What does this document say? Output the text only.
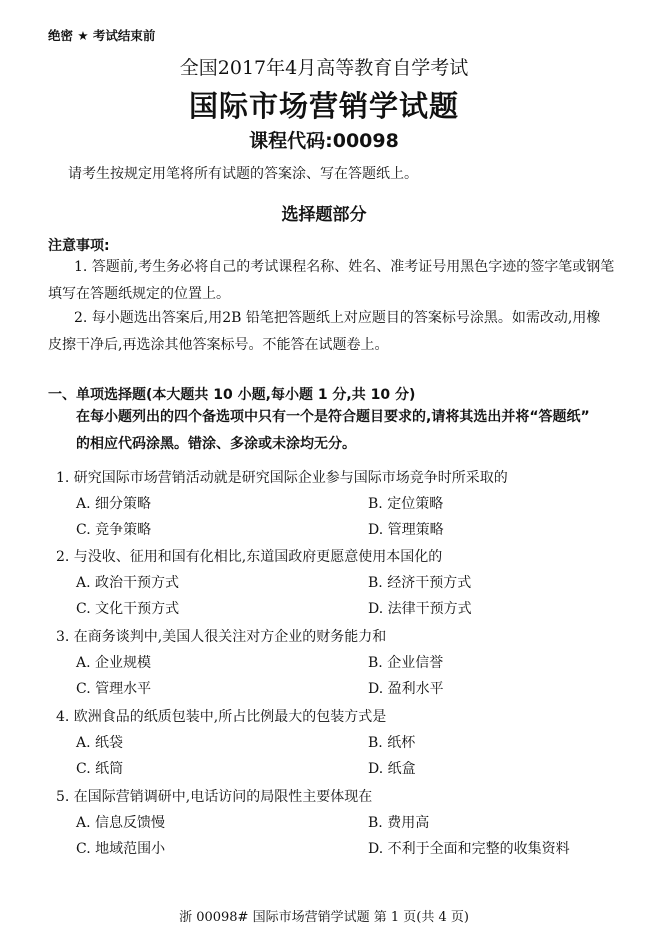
绝密 ★ 考试结束前
全国2017年4月高等教育自学考试
国际市场营销学试题
课程代码:00098
请考生按规定用笔将所有试题的答案涂、写在答题纸上。
选择题部分
注意事项:
1. 答题前,考生务必将自己的考试课程名称、姓名、准考证号用黑色字迹的签字笔或钢笔
填写在答题纸规定的位置上。
2. 每小题选出答案后,用2B 铅笔把答题纸上对应题目的答案标号涂黑。如需改动,用橡
皮擦干净后,再选涂其他答案标号。不能答在试题卷上。
一、单项选择题(本大题共 10 小题,每小题 1 分,共 10 分)
在每小题列出的四个备选项中只有一个是符合题目要求的,请将其选出并将“答题纸”
的相应代码涂黑。错涂、多涂或未涂均无分。
1. 研究国际市场营销活动就是研究国际企业参与国际市场竞争时所采取的
A. 细分策略	B. 定位策略
C. 竞争策略	D. 管理策略
2. 与没收、征用和国有化相比,东道国政府更愿意使用本国化的
A. 政治干预方式	B. 经济干预方式
C. 文化干预方式	D. 法律干预方式
3. 在商务谈判中,美国人很关注对方企业的财务能力和
A. 企业规模	B. 企业信誉
C. 管理水平	D. 盈利水平
4. 欧洲食品的纸质包装中,所占比例最大的包装方式是
A. 纸袋	B. 纸杯
C. 纸筒	D. 纸盒
5. 在国际营销调研中,电话访问的局限性主要体现在
A. 信息反馈慢	B. 费用高
C. 地域范围小	D. 不利于全面和完整的收集资料
浙 00098# 国际市场营销学试题 第 1 页(共 4 页)
